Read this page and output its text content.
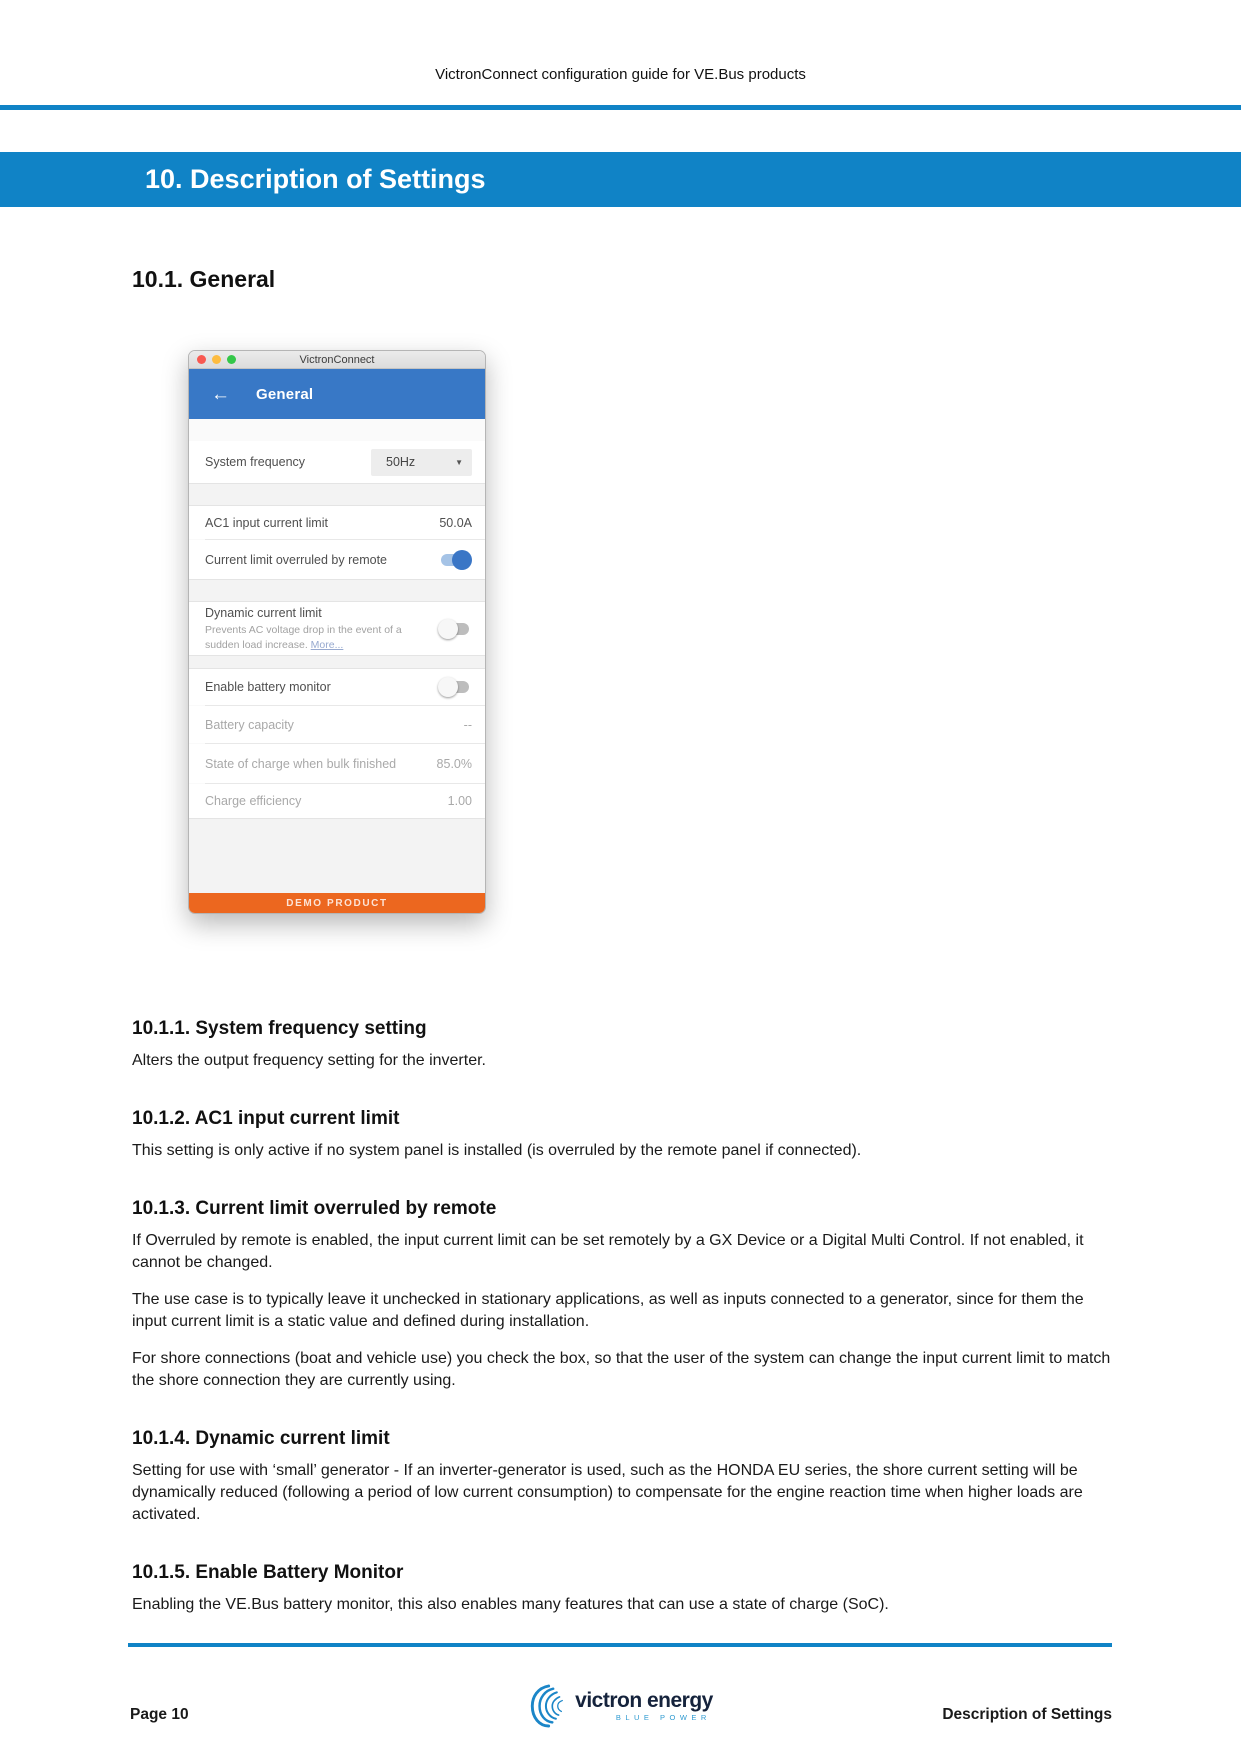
VictronConnect configuration guide for VE.Bus products
10. Description of Settings
10.1. General
VictronConnect
← General
System frequency	50Hz	▼
AC1 input current limit	50.0A
Current limit overruled by remote
Dynamic current limit
Prevents AC voltage drop in the event of a sudden load increase. More...
Enable battery monitor
Battery capacity	--
State of charge when bulk finished	85.0%
Charge efficiency	1.00
DEMO PRODUCT
10.1.1. System frequency setting

Alters the output frequency setting for the inverter.

10.1.2. AC1 input current limit

This setting is only active if no system panel is installed (is overruled by the remote panel if connected).

10.1.3. Current limit overruled by remote

If Overruled by remote is enabled, the input current limit can be set remotely by a GX Device or a Digital Multi Control. If not enabled, it cannot be changed.

The use case is to typically leave it unchecked in stationary applications, as well as inputs connected to a generator, since for them the input current limit is a static value and defined during installation.

For shore connections (boat and vehicle use) you check the box, so that the user of the system can change the input current limit to match the shore connection they are currently using.

10.1.4. Dynamic current limit

Setting for use with ‘small’ generator - If an inverter-generator is used, such as the HONDA EU series, the shore current setting will be dynamically reduced (following a period of low current consumption) to compensate for the engine reaction time when higher loads are activated.

10.1.5. Enable Battery Monitor

Enabling the VE.Bus battery monitor, this also enables many features that can use a state of charge (SoC).

Page 10
victron energy
BLUE POWER	Description of Settings
